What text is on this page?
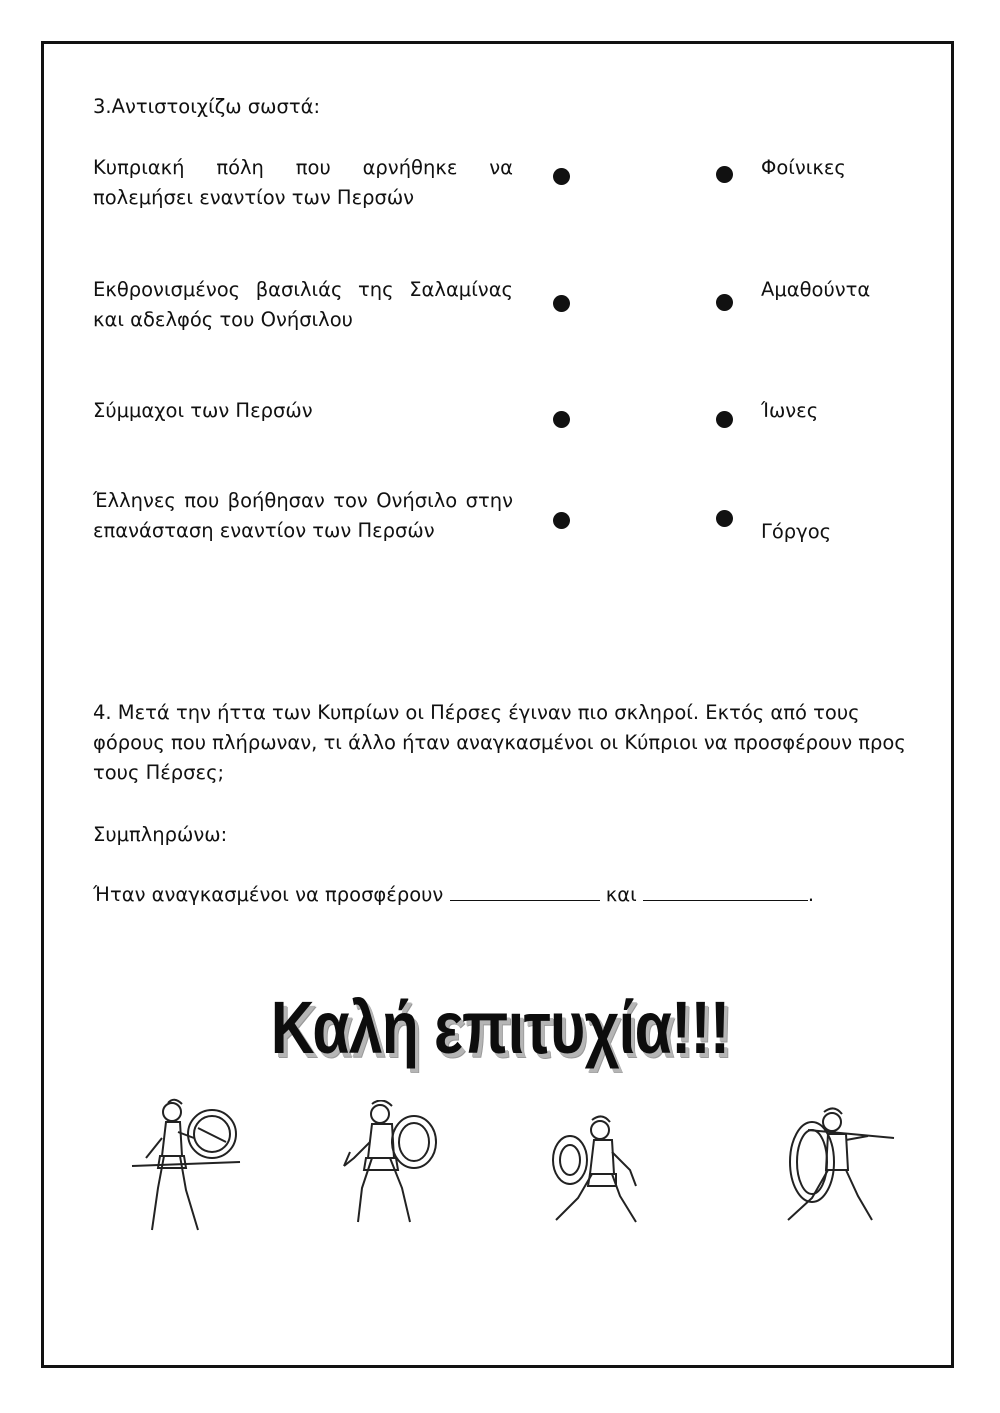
3.Αντιστοιχίζω σωστά:
Κυπριακή πόλη που αρνήθηκε να πολεμήσει εναντίον των Περσών
Εκθρονισμένος βασιλιάς της Σαλαμίνας και αδελφός του Ονήσιλου
Σύμμαχοι των Περσών
Έλληνες που βοήθησαν τον Ονήσιλο στην επανάσταση εναντίον των Περσών
Φοίνικες
Αμαθούντα
Ίωνες
Γόργος
4. Μετά την ήττα των Κυπρίων οι Πέρσες έγιναν πιο σκληροί. Εκτός από τους φόρους που πλήρωναν, τι άλλο ήταν αναγκασμένοι οι Κύπριοι να προσφέρουν προς τους Πέρσες;
Συμπληρώνω:
Ήταν αναγκασμένοι να προσφέρουν	και	.
Καλή επιτυχία!!!
